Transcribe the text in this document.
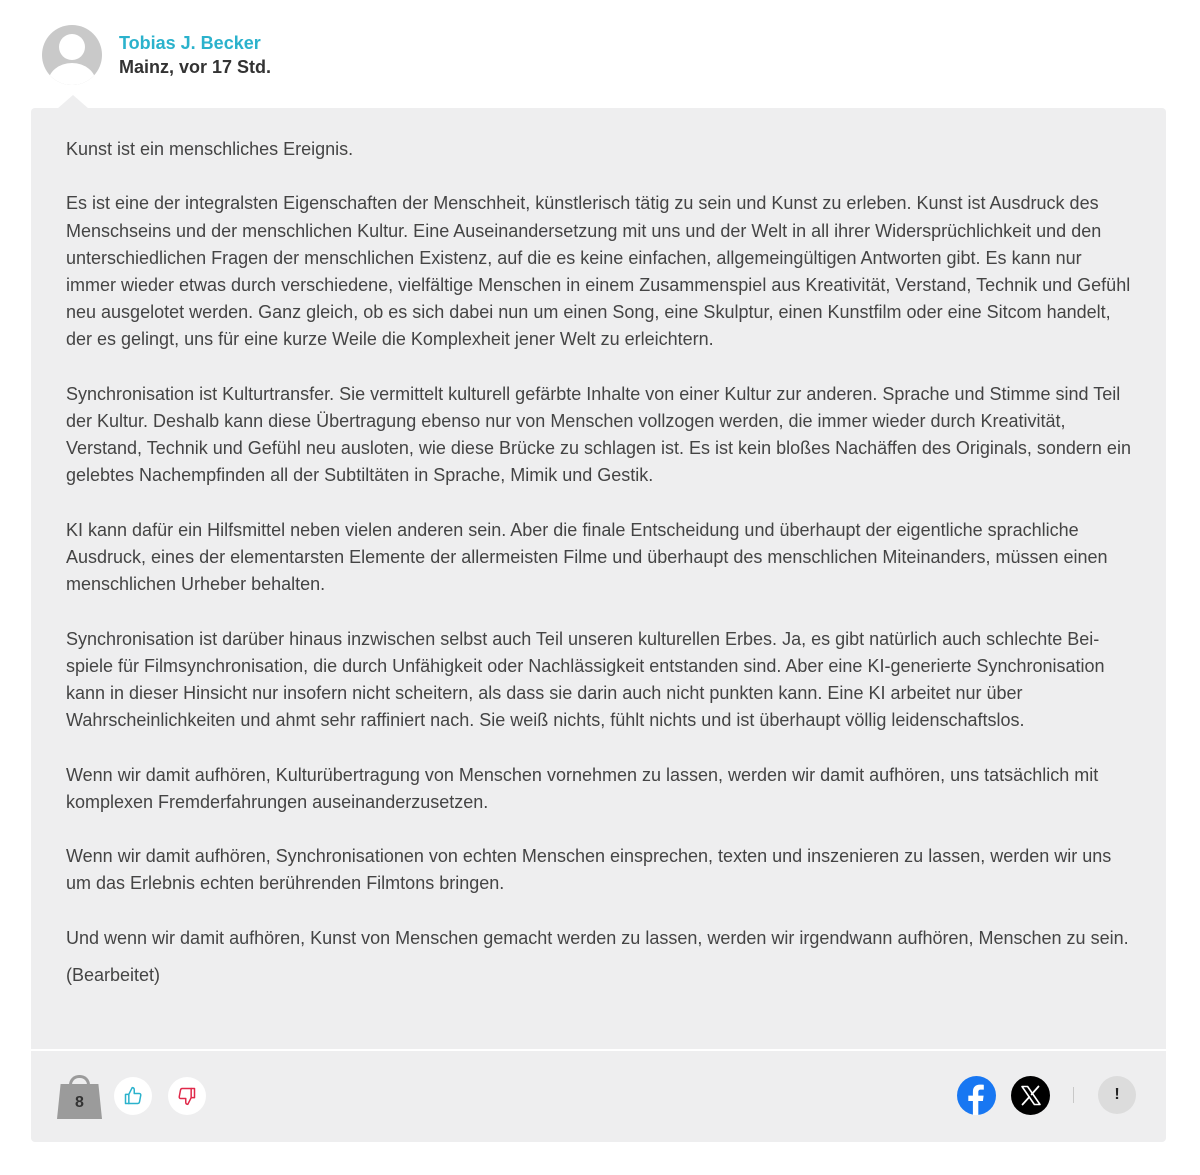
Tobias J. Becker
Mainz, vor 17 Std.

Kunst ist ein menschliches Ereignis.

Es ist eine der integralsten Eigenschaften der Menschheit, künstlerisch tätig zu sein und Kunst zu erleben. Kunst ist Ausdruck des Menschseins und der menschlichen Kultur. Eine Auseinandersetzung mit uns und der Welt in all ihrer Widersprüchlichkeit und den unterschiedlichen Fragen der menschlichen Existenz, auf die es keine einfachen, allgemeingültigen Antworten gibt. Es kann nur immer wieder etwas durch verschiedene, vielfältige Menschen in einem Zusammenspiel aus Kreativität, Verstand, Technik und Gefühl neu ausgelotet werden. Ganz gleich, ob es sich dabei nun um einen Song, eine Skulptur, einen Kunstfilm oder eine Sitcom handelt, der es gelingt, uns für eine kurze Weile die Komplexheit jener Welt zu erleichtern.

Synchronisation ist Kulturtransfer. Sie vermittelt kulturell gefärbte Inhalte von einer Kultur zur anderen. Sprache und Stimme sind Teil der Kultur. Deshalb kann diese Übertragung ebenso nur von Menschen vollzogen werden, die immer wieder durch Kreativität, Verstand, Technik und Gefühl neu ausloten, wie diese Brücke zu schlagen ist. Es ist kein bloßes Nachäffen des Originals, sondern ein gelebtes Nachempfinden all der Subtiltäten in Sprache, Mimik und Gestik.

KI kann dafür ein Hilfsmittel neben vielen anderen sein. Aber die finale Entscheidung und überhaupt der eigentliche sprachliche Ausdruck, eines der elementarsten Elemente der allermeisten Filme und überhaupt des menschlichen Miteinanders, müssen einen menschlichen Urheber behalten.

Synchronisation ist darüber hinaus inzwischen selbst auch Teil unseren kulturellen Erbes. Ja, es gibt natürlich auch schlechte Beispiele für Filmsynchronisation, die durch Unfähigkeit oder Nachlässigkeit entstanden sind. Aber eine KI-generierte Synchronisation kann in dieser Hinsicht nur insofern nicht scheitern, als dass sie darin auch nicht punkten kann. Eine KI arbeitet nur über Wahrscheinlichkeiten und ahmt sehr raffiniert nach. Sie weiß nichts, fühlt nichts und ist überhaupt völlig leidenschaftslos.

Wenn wir damit aufhören, Kulturübertragung von Menschen vornehmen zu lassen, werden wir damit aufhören, uns tatsächlich mit komplexen Fremderfahrungen auseinanderzusetzen.

Wenn wir damit aufhören, Synchronisationen von echten Menschen einsprechen, texten und inszenieren zu lassen, werden wir uns um das Erlebnis echten berührenden Filmtons bringen.

Und wenn wir damit aufhören, Kunst von Menschen gemacht werden zu lassen, werden wir irgendwann aufhören, Menschen zu sein.

(Bearbeitet)

8	!
